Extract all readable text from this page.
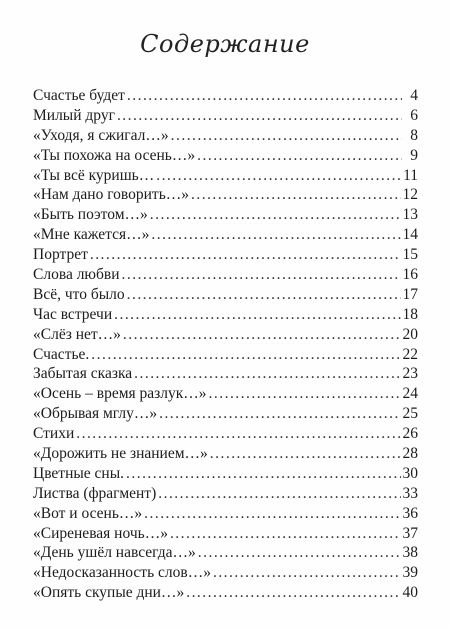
Содержание
Счастье будет . . .	4
Милый друг . . .	6
«Уходя, я сжигал…» . . .	8
«Ты похожа на осень…» . . .	9
«Ты всё куришь… . . .	11
«Нам дано говорить…» . . .	12
«Быть поэтом…» . . .	13
«Мне кажется…» . . .	14
Портрет . . .	15
Слова любви . . .	16
Всё, что было . . .	17
Час встречи . . .	18
«Слёз нет…» . . .	20
Счастье. . . .	22
Забытая сказка . . .	23
«Осень – время разлук…» . . .	24
«Обрывая мглу…» . . .	25
Стихи . . .	26
«Дорожить не знанием…» . . .	28
Цветные сны. . . .	30
Листва (фрагмент) . . .	33
«Вот и осень…» . . .	36
«Сиреневая ночь…» . . .	37
«День ушёл навсегда…» . . .	38
«Недосказанность слов…» . . .	39
«Опять скупые дни…» . . .	40
